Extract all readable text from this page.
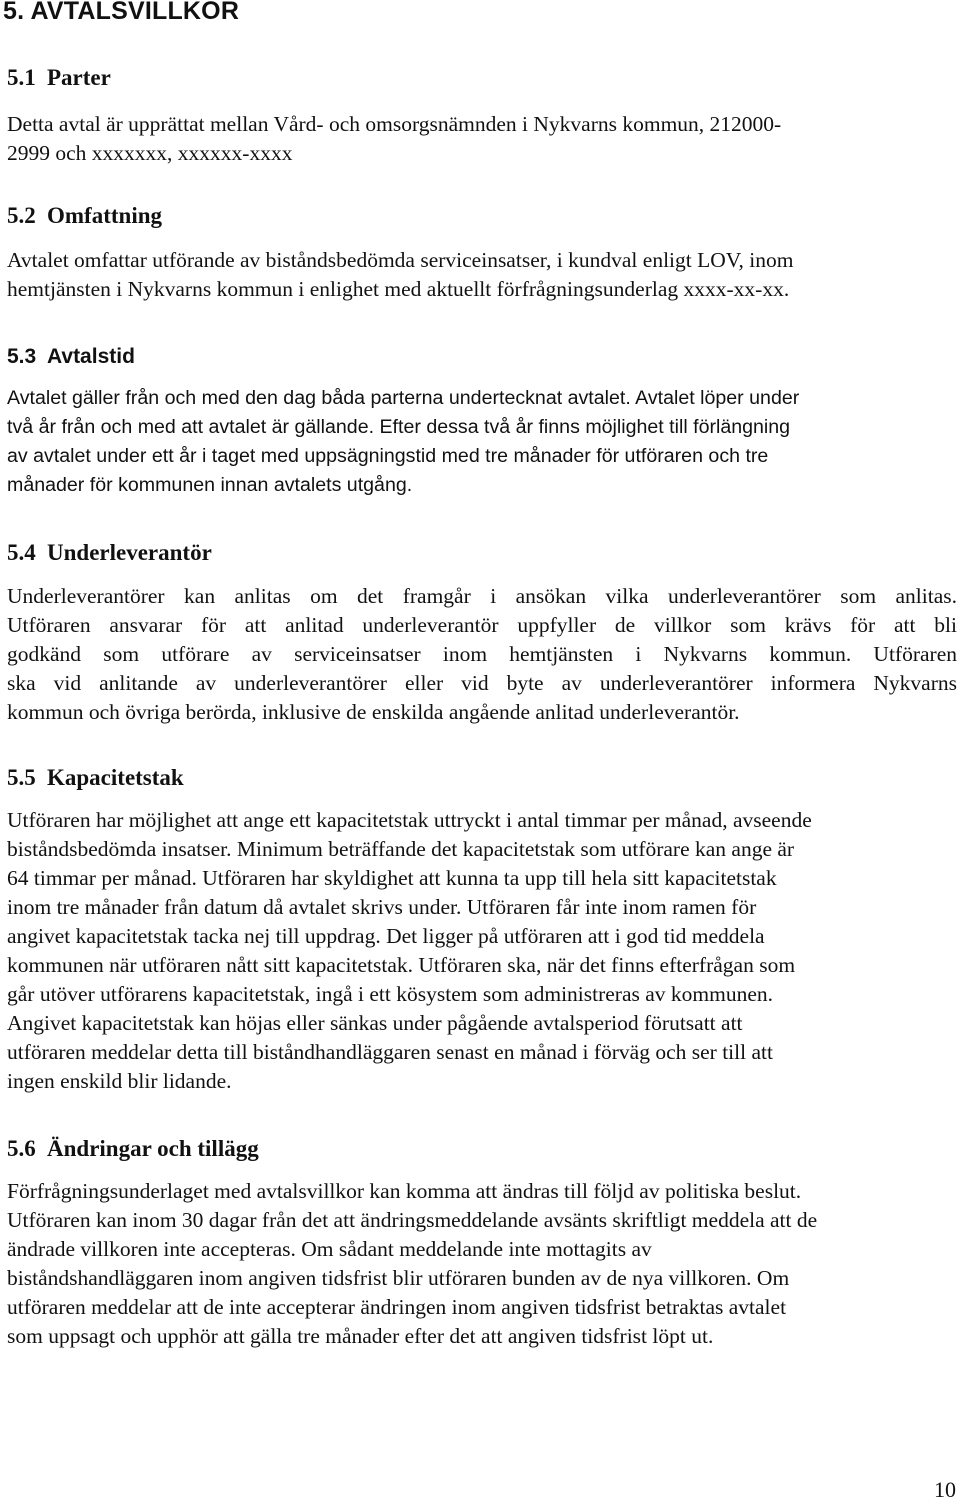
5. AVTALSVILLKOR
5.1 Parter

Detta avtal är upprättat mellan Vård- och omsorgsnämnden i Nykvarns kommun, 212000-
2999 och xxxxxxx, xxxxxx-xxxx

5.2 Omfattning

Avtalet omfattar utförande av biståndsbedömda serviceinsatser, i kundval enligt LOV, inom
hemtjänsten i Nykvarns kommun i enlighet med aktuellt förfrågningsunderlag xxxx-xx-xx.

5.3 Avtalstid

Avtalet gäller från och med den dag båda parterna undertecknat avtalet. Avtalet löper under
två år från och med att avtalet är gällande. Efter dessa två år finns möjlighet till förlängning
av avtalet under ett år i taget med uppsägningstid med tre månader för utföraren och tre
månader för kommunen innan avtalets utgång.

5.4 Underleverantör

Underleverantörer kan anlitas om det framgår i ansökan vilka underleverantörer som anlitas.
Utföraren ansvarar för att anlitad underleverantör uppfyller de villkor som krävs för att bli
godkänd som utförare av serviceinsatser inom hemtjänsten i Nykvarns kommun. Utföraren
ska vid anlitande av underleverantörer eller vid byte av underleverantörer informera Nykvarns
kommun och övriga berörda, inklusive de enskilda angående anlitad underleverantör.

5.5 Kapacitetstak

Utföraren har möjlighet att ange ett kapacitetstak uttryckt i antal timmar per månad, avseende
biståndsbedömda insatser. Minimum beträffande det kapacitetstak som utförare kan ange är
64 timmar per månad. Utföraren har skyldighet att kunna ta upp till hela sitt kapacitetstak
inom tre månader från datum då avtalet skrivs under. Utföraren får inte inom ramen för
angivet kapacitetstak tacka nej till uppdrag. Det ligger på utföraren att i god tid meddela
kommunen när utföraren nått sitt kapacitetstak. Utföraren ska, när det finns efterfrågan som
går utöver utförarens kapacitetstak, ingå i ett kösystem som administreras av kommunen.
Angivet kapacitetstak kan höjas eller sänkas under pågående avtalsperiod förutsatt att
utföraren meddelar detta till biståndhandläggaren senast en månad i förväg och ser till att
ingen enskild blir lidande.

5.6 Ändringar och tillägg

Förfrågningsunderlaget med avtalsvillkor kan komma att ändras till följd av politiska beslut.
Utföraren kan inom 30 dagar från det att ändringsmeddelande avsänts skriftligt meddela att de
ändrade villkoren inte accepteras. Om sådant meddelande inte mottagits av
biståndshandläggaren inom angiven tidsfrist blir utföraren bunden av de nya villkoren. Om
utföraren meddelar att de inte accepterar ändringen inom angiven tidsfrist betraktas avtalet
som uppsagt och upphör att gälla tre månader efter det att angiven tidsfrist löpt ut.

10
